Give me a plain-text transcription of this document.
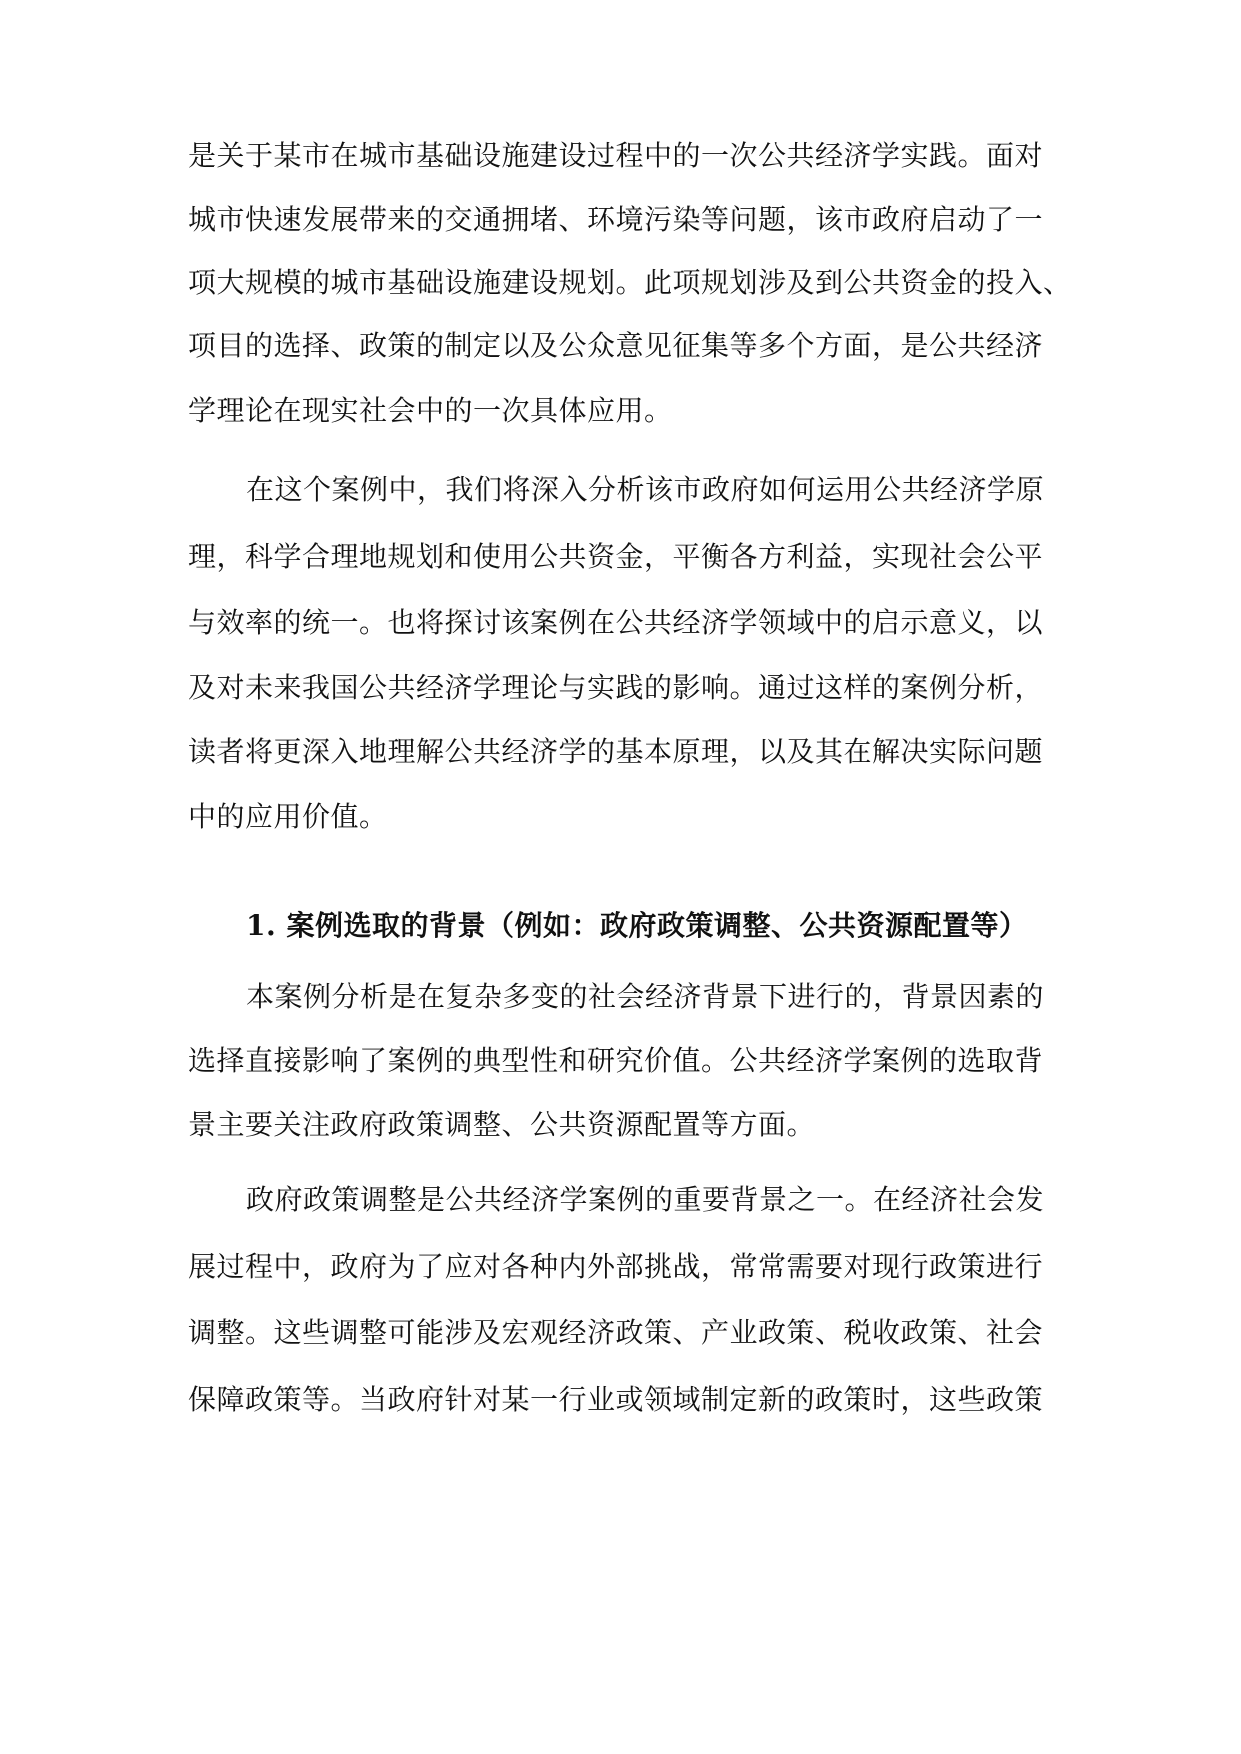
是关于某市在城市基础设施建设过程中的一次公共经济学实践。面对
城市快速发展带来的交通拥堵、环境污染等问题，该市政府启动了一
项大规模的城市基础设施建设规划。此项规划涉及到公共资金的投入、
项目的选择、政策的制定以及公众意见征集等多个方面，是公共经济
学理论在现实社会中的一次具体应用。
在这个案例中，我们将深入分析该市政府如何运用公共经济学原
理，科学合理地规划和使用公共资金，平衡各方利益，实现社会公平
与效率的统一。也将探讨该案例在公共经济学领域中的启示意义，以
及对未来我国公共经济学理论与实践的影响。通过这样的案例分析，
读者将更深入地理解公共经济学的基本原理，以及其在解决实际问题
中的应用价值。
1. 案例选取的背景（例如：政府政策调整、公共资源配置等）
本案例分析是在复杂多变的社会经济背景下进行的，背景因素的
选择直接影响了案例的典型性和研究价值。公共经济学案例的选取背
景主要关注政府政策调整、公共资源配置等方面。
政府政策调整是公共经济学案例的重要背景之一。在经济社会发
展过程中，政府为了应对各种内外部挑战，常常需要对现行政策进行
调整。这些调整可能涉及宏观经济政策、产业政策、税收政策、社会
保障政策等。当政府针对某一行业或领域制定新的政策时，这些政策
